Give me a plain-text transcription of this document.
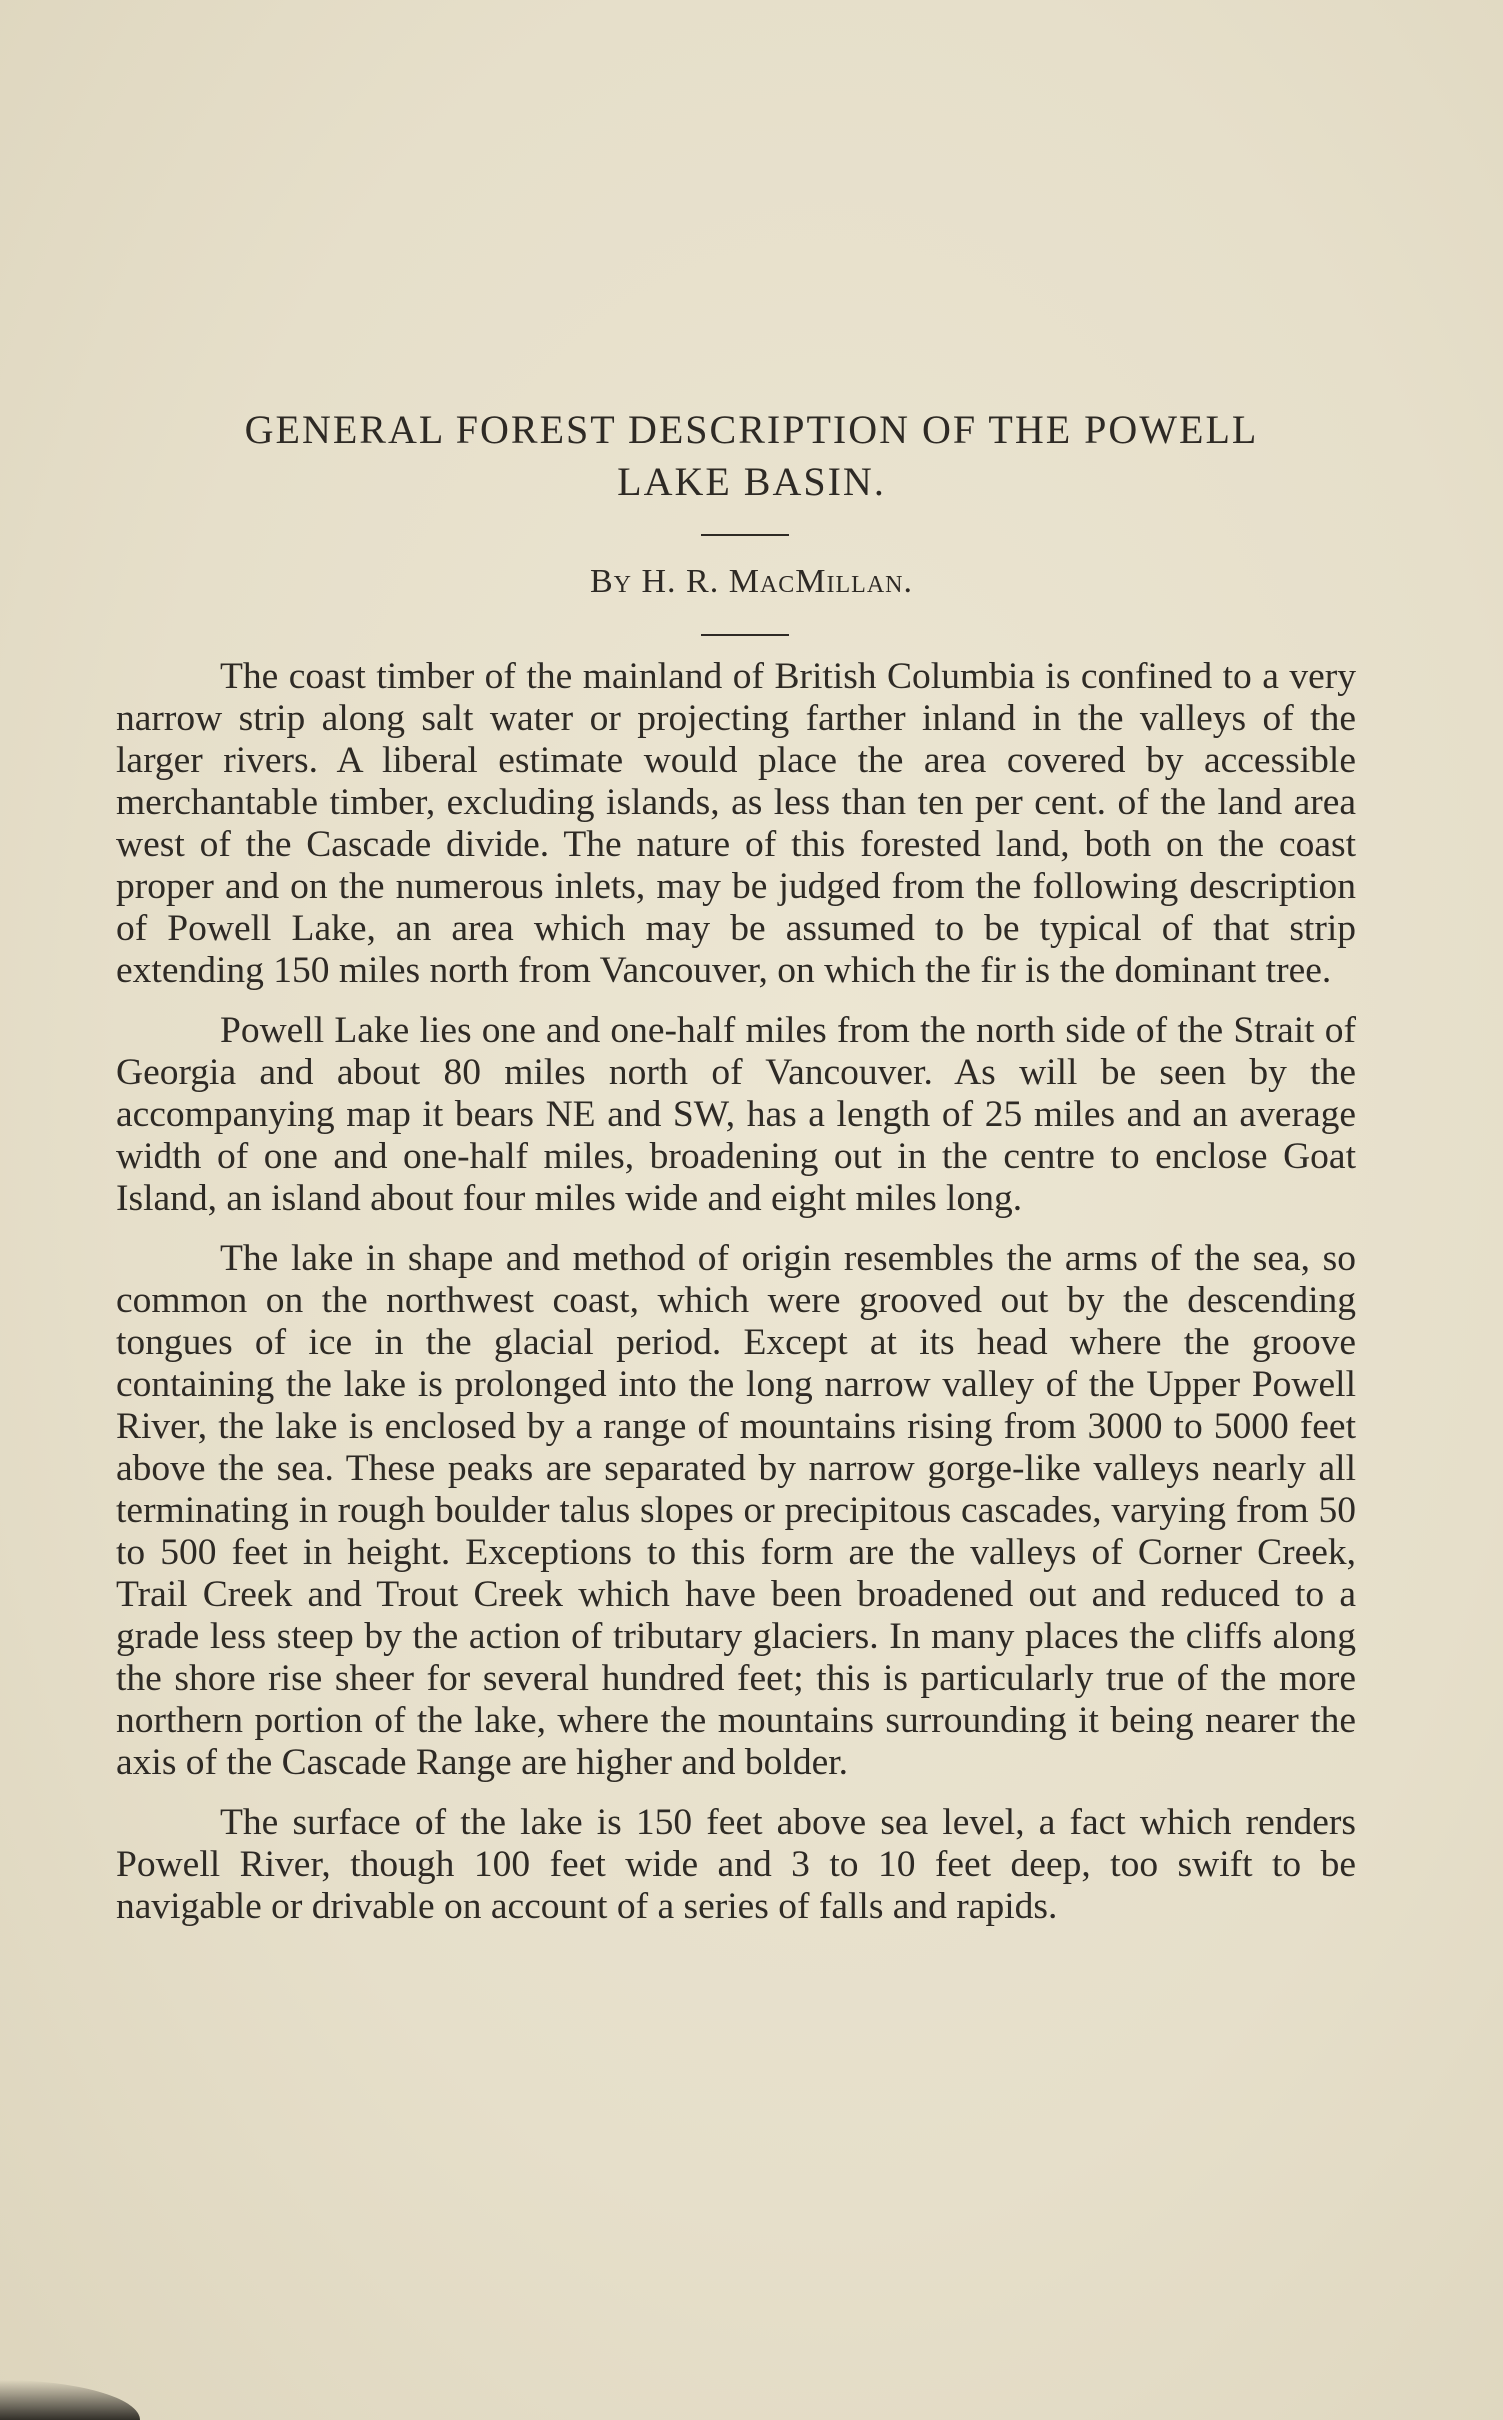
GENERAL FOREST DESCRIPTION OF THE POWELL
LAKE BASIN.
By H. R. MacMillan.

The coast timber of the mainland of British Columbia is confined to a very narrow strip along salt water or projecting farther inland in the valleys of the larger rivers. A liberal estimate would place the area covered by accessible merchantable timber, excluding islands, as less than ten per cent. of the land area west of the Cascade divide. The nature of this forested land, both on the coast proper and on the numerous inlets, may be judged from the following description of Powell Lake, an area which may be assumed to be typical of that strip extending 150 miles north from Vancouver, on which the fir is the dominant tree.

Powell Lake lies one and one-half miles from the north side of the Strait of Georgia and about 80 miles north of Vancouver. As will be seen by the accompanying map it bears NE and SW, has a length of 25 miles and an average width of one and one-half miles, broadening out in the centre to enclose Goat Island, an island about four miles wide and eight miles long.

The lake in shape and method of origin resembles the arms of the sea, so common on the northwest coast, which were grooved out by the descending tongues of ice in the glacial period. Except at its head where the groove containing the lake is prolonged into the long narrow valley of the Upper Powell River, the lake is enclosed by a range of mountains rising from 3000 to 5000 feet above the sea. These peaks are separated by narrow gorge-like valleys nearly all terminating in rough boulder talus slopes or precipitous cascades, varying from 50 to 500 feet in height. Exceptions to this form are the valleys of Corner Creek, Trail Creek and Trout Creek which have been broadened out and reduced to a grade less steep by the action of tributary glaciers. In many places the cliffs along the shore rise sheer for several hundred feet; this is particularly true of the more northern portion of the lake, where the mountains surrounding it being nearer the axis of the Cascade Range are higher and bolder.

The surface of the lake is 150 feet above sea level, a fact which renders Powell River, though 100 feet wide and 3 to 10 feet deep, too swift to be navigable or drivable on account of a series of falls and rapids.
